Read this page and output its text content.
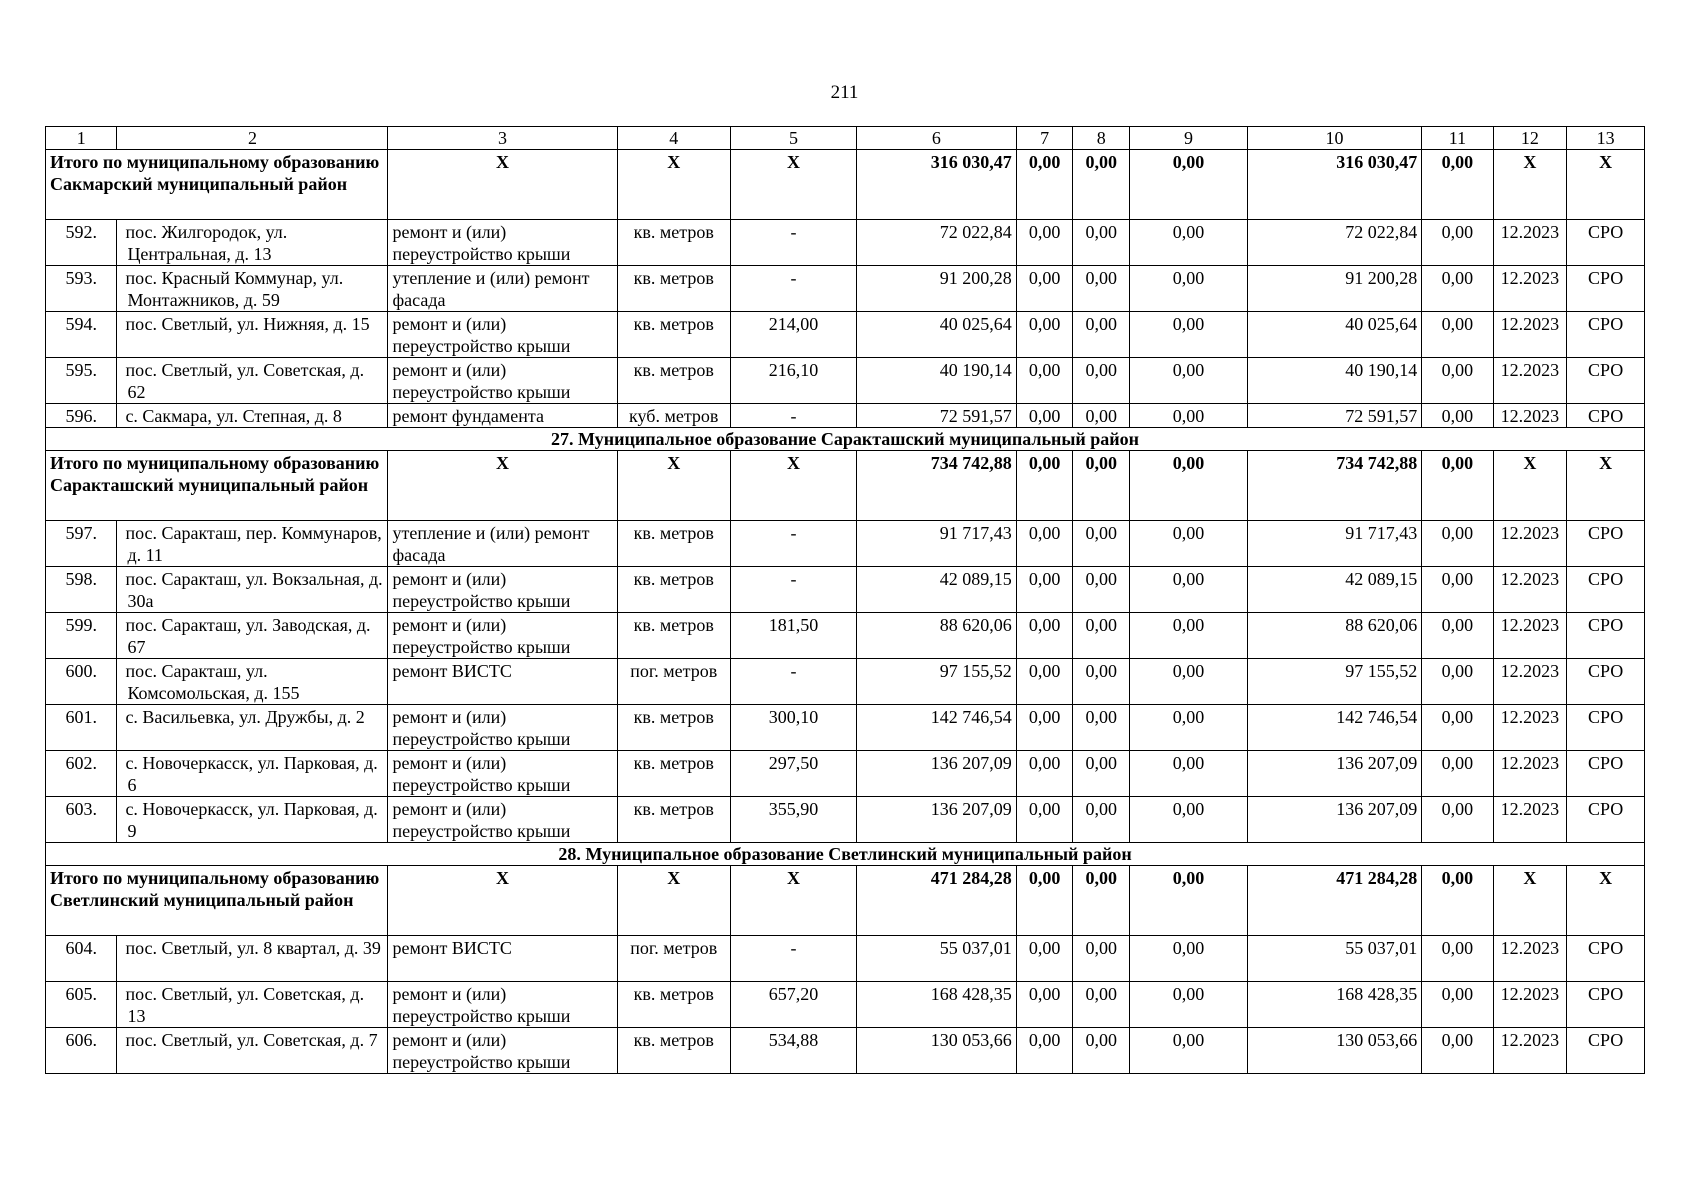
211
1	2	3	4	5	6	7	8	9	10	11	12	13
Итого по муниципальному образованию Сакмарский муниципальный район		X	X	X	316 030,47	0,00	0,00	0,00	316 030,47	0,00	X	X
592.	пос. Жилгородок, ул. Центральная, д. 13	ремонт и (или) переустройство крыши	кв. метров	-	72 022,84	0,00	0,00	0,00	72 022,84	0,00	12.2023	СРО
593.	пос. Красный Коммунар, ул. Монтажников, д. 59	утепление и (или) ремонт фасада	кв. метров	-	91 200,28	0,00	0,00	0,00	91 200,28	0,00	12.2023	СРО
594.	пос. Светлый, ул. Нижняя, д. 15	ремонт и (или) переустройство крыши	кв. метров	214,00	40 025,64	0,00	0,00	0,00	40 025,64	0,00	12.2023	СРО
595.	пос. Светлый, ул. Советская, д. 62	ремонт и (или) переустройство крыши	кв. метров	216,10	40 190,14	0,00	0,00	0,00	40 190,14	0,00	12.2023	СРО
596.	с. Сакмара, ул. Степная, д. 8	ремонт фундамента	куб. метров	-	72 591,57	0,00	0,00	0,00	72 591,57	0,00	12.2023	СРО
27. Муниципальное образование Саракташский муниципальный район												
Итого по муниципальному образованию Саракташский муниципальный район		X	X	X	734 742,88	0,00	0,00	0,00	734 742,88	0,00	X	X
597.	пос. Саракташ, пер. Коммунаров, д. 11	утепление и (или) ремонт фасада	кв. метров	-	91 717,43	0,00	0,00	0,00	91 717,43	0,00	12.2023	СРО
598.	пос. Саракташ, ул. Вокзальная, д. 30а	ремонт и (или) переустройство крыши	кв. метров	-	42 089,15	0,00	0,00	0,00	42 089,15	0,00	12.2023	СРО
599.	пос. Саракташ, ул. Заводская, д. 67	ремонт и (или) переустройство крыши	кв. метров	181,50	88 620,06	0,00	0,00	0,00	88 620,06	0,00	12.2023	СРО
600.	пос. Саракташ, ул. Комсомольская, д. 155	ремонт ВИСТС	пог. метров	-	97 155,52	0,00	0,00	0,00	97 155,52	0,00	12.2023	СРО
601.	с. Васильевка, ул. Дружбы, д. 2	ремонт и (или) переустройство крыши	кв. метров	300,10	142 746,54	0,00	0,00	0,00	142 746,54	0,00	12.2023	СРО
602.	с. Новочеркасск, ул. Парковая, д. 6	ремонт и (или) переустройство крыши	кв. метров	297,50	136 207,09	0,00	0,00	0,00	136 207,09	0,00	12.2023	СРО
603.	с. Новочеркасск, ул. Парковая, д. 9	ремонт и (или) переустройство крыши	кв. метров	355,90	136 207,09	0,00	0,00	0,00	136 207,09	0,00	12.2023	СРО
28. Муниципальное образование Светлинский муниципальный район												
Итого по муниципальному образованию Светлинский муниципальный район		X	X	X	471 284,28	0,00	0,00	0,00	471 284,28	0,00	X	X
604.	пос. Светлый, ул. 8 квартал, д. 39	ремонт ВИСТС	пог. метров	-	55 037,01	0,00	0,00	0,00	55 037,01	0,00	12.2023	СРО
605.	пос. Светлый, ул. Советская, д. 13	ремонт и (или) переустройство крыши	кв. метров	657,20	168 428,35	0,00	0,00	0,00	168 428,35	0,00	12.2023	СРО
606.	пос. Светлый, ул. Советская, д. 7	ремонт и (или) переустройство крыши	кв. метров	534,88	130 053,66	0,00	0,00	0,00	130 053,66	0,00	12.2023	СРО
